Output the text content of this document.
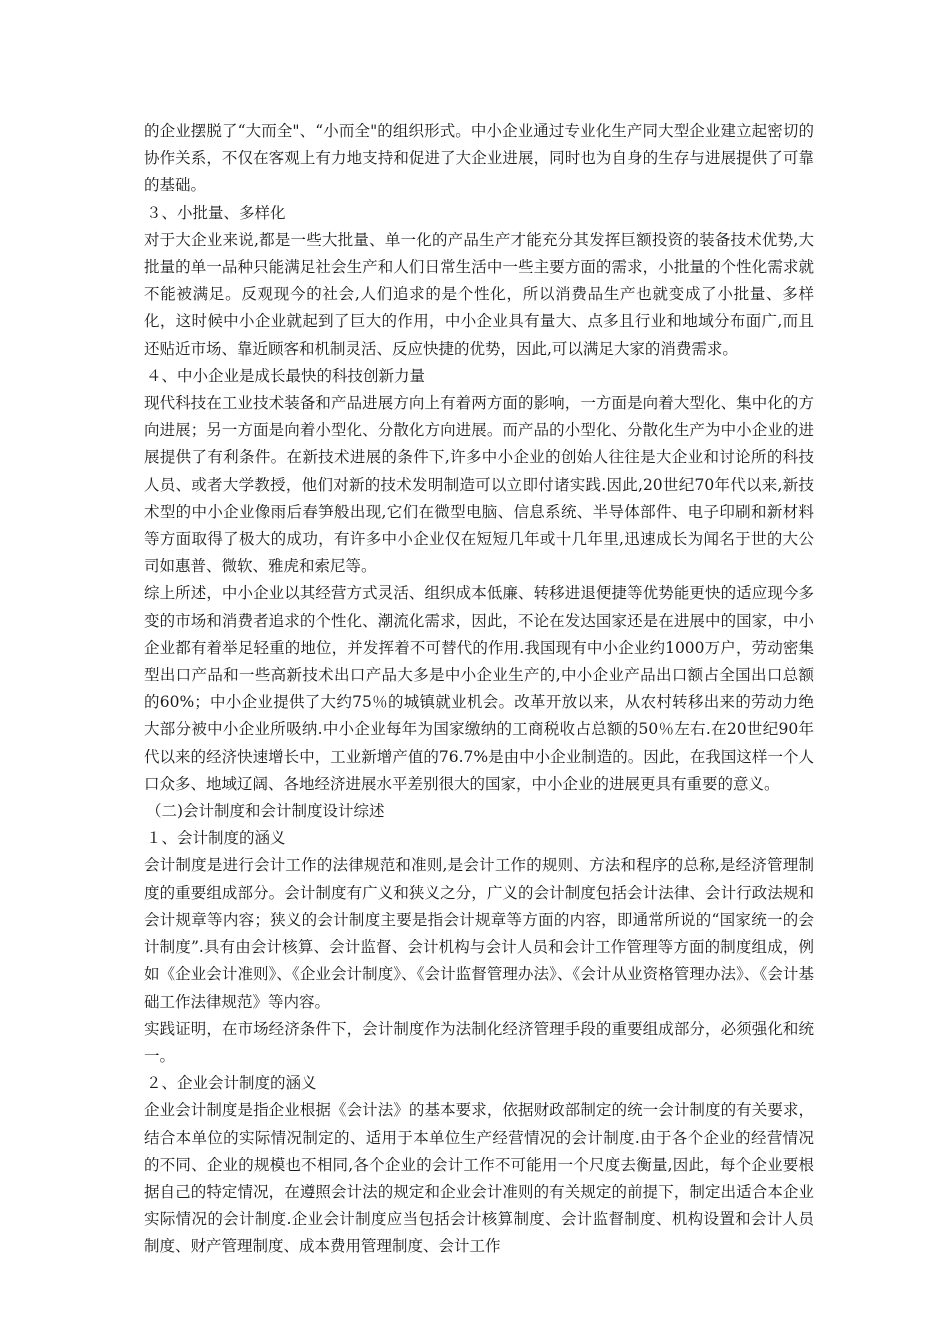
的企业摆脱了“大而全"、“小而全"的组织形式。中小企业通过专业化生产同大型企业建立起密切的协作关系，不仅在客观上有力地支持和促进了大企业进展，同时也为自身的生存与进展提供了可靠的基础。

３、小批量、多样化

对于大企业来说,都是一些大批量、单一化的产品生产才能充分其发挥巨额投资的装备技术优势,大批量的单一品种只能满足社会生产和人们日常生活中一些主要方面的需求，小批量的个性化需求就不能被满足。反观现今的社会,人们追求的是个性化，所以消费品生产也就变成了小批量、多样化，这时候中小企业就起到了巨大的作用，中小企业具有量大、点多且行业和地域分布面广,而且还贴近市场、靠近顾客和机制灵活、反应快捷的优势，因此,可以满足大家的消费需求。

４、中小企业是成长最快的科技创新力量

现代科技在工业技术装备和产品进展方向上有着两方面的影响，一方面是向着大型化、集中化的方向进展；另一方面是向着小型化、分散化方向进展。而产品的小型化、分散化生产为中小企业的进展提供了有利条件。在新技术进展的条件下,许多中小企业的创始人往往是大企业和讨论所的科技人员、或者大学教授，他们对新的技术发明制造可以立即付诸实践.因此,20世纪70年代以来,新技术型的中小企业像雨后春笋般出现,它们在微型电脑、信息系统、半导体部件、电子印刷和新材料等方面取得了极大的成功，有许多中小企业仅在短短几年或十几年里,迅速成长为闻名于世的大公司如惠普、微软、雅虎和索尼等。

综上所述，中小企业以其经营方式灵活、组织成本低廉、转移进退便捷等优势能更快的适应现今多变的市场和消费者追求的个性化、潮流化需求，因此，不论在发达国家还是在进展中的国家，中小企业都有着举足轻重的地位，并发挥着不可替代的作用.我国现有中小企业约1000万户，劳动密集型出口产品和一些高新技术出口产品大多是中小企业生产的,中小企业产品出口额占全国出口总额的60%；中小企业提供了大约75％的城镇就业机会。改革开放以来，从农村转移出来的劳动力绝大部分被中小企业所吸纳.中小企业每年为国家缴纳的工商税收占总额的50％左右.在20世纪90年代以来的经济快速增长中，工业新增产值的76.7%是由中小企业制造的。因此，在我国这样一个人口众多、地域辽阔、各地经济进展水平差别很大的国家，中小企业的进展更具有重要的意义。

（二)会计制度和会计制度设计综述

１、会计制度的涵义

会计制度是进行会计工作的法律规范和准则,是会计工作的规则、方法和程序的总称,是经济管理制度的重要组成部分。会计制度有广义和狭义之分，广义的会计制度包括会计法律、会计行政法规和会计规章等内容；狭义的会计制度主要是指会计规章等方面的内容，即通常所说的“国家统一的会计制度”.具有由会计核算、会计监督、会计机构与会计人员和会计工作管理等方面的制度组成，例如《企业会计准则》、《企业会计制度》、《会计监督管理办法》、《会计从业资格管理办法》、《会计基础工作法律规范》等内容。

实践证明，在市场经济条件下，会计制度作为法制化经济管理手段的重要组成部分，必须强化和统一。

２、企业会计制度的涵义

企业会计制度是指企业根据《会计法》的基本要求，依据财政部制定的统一会计制度的有关要求，结合本单位的实际情况制定的、适用于本单位生产经营情况的会计制度.由于各个企业的经营情况的不同、企业的规模也不相同,各个企业的会计工作不可能用一个尺度去衡量,因此，每个企业要根据自己的特定情况，在遵照会计法的规定和企业会计准则的有关规定的前提下，制定出适合本企业实际情况的会计制度.企业会计制度应当包括会计核算制度、会计监督制度、机构设置和会计人员制度、财产管理制度、成本费用管理制度、会计工作
